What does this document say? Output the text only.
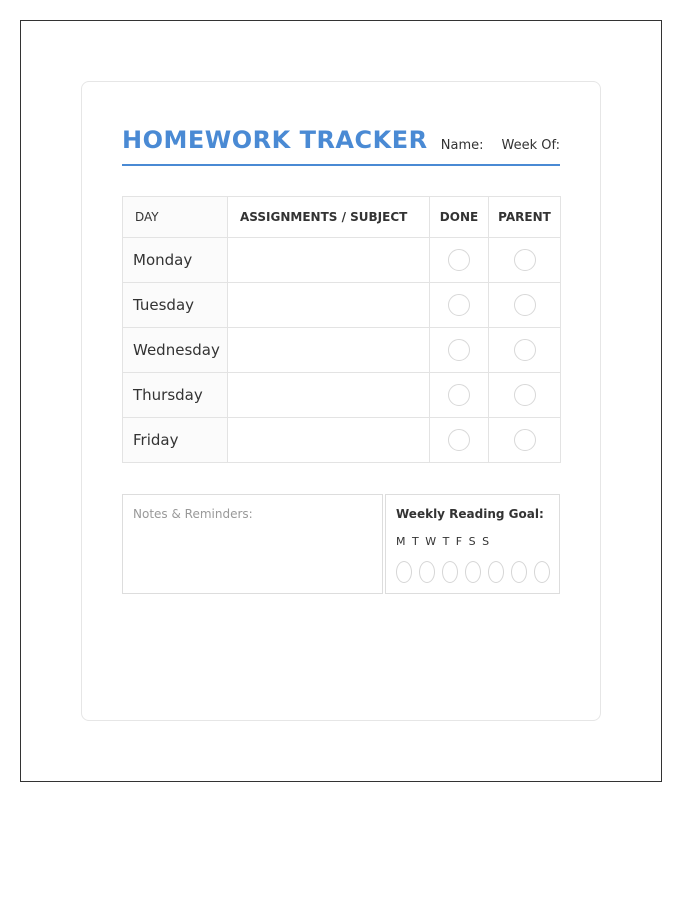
HOMEWORK TRACKER Name: Week Of:
DAY	ASSIGNMENTS / SUBJECT	DONE	PARENT
Monday			
Tuesday			
Wednesday			
Thursday			
Friday			
Notes & Reminders:	Weekly Reading Goal:
M T W T F S S
